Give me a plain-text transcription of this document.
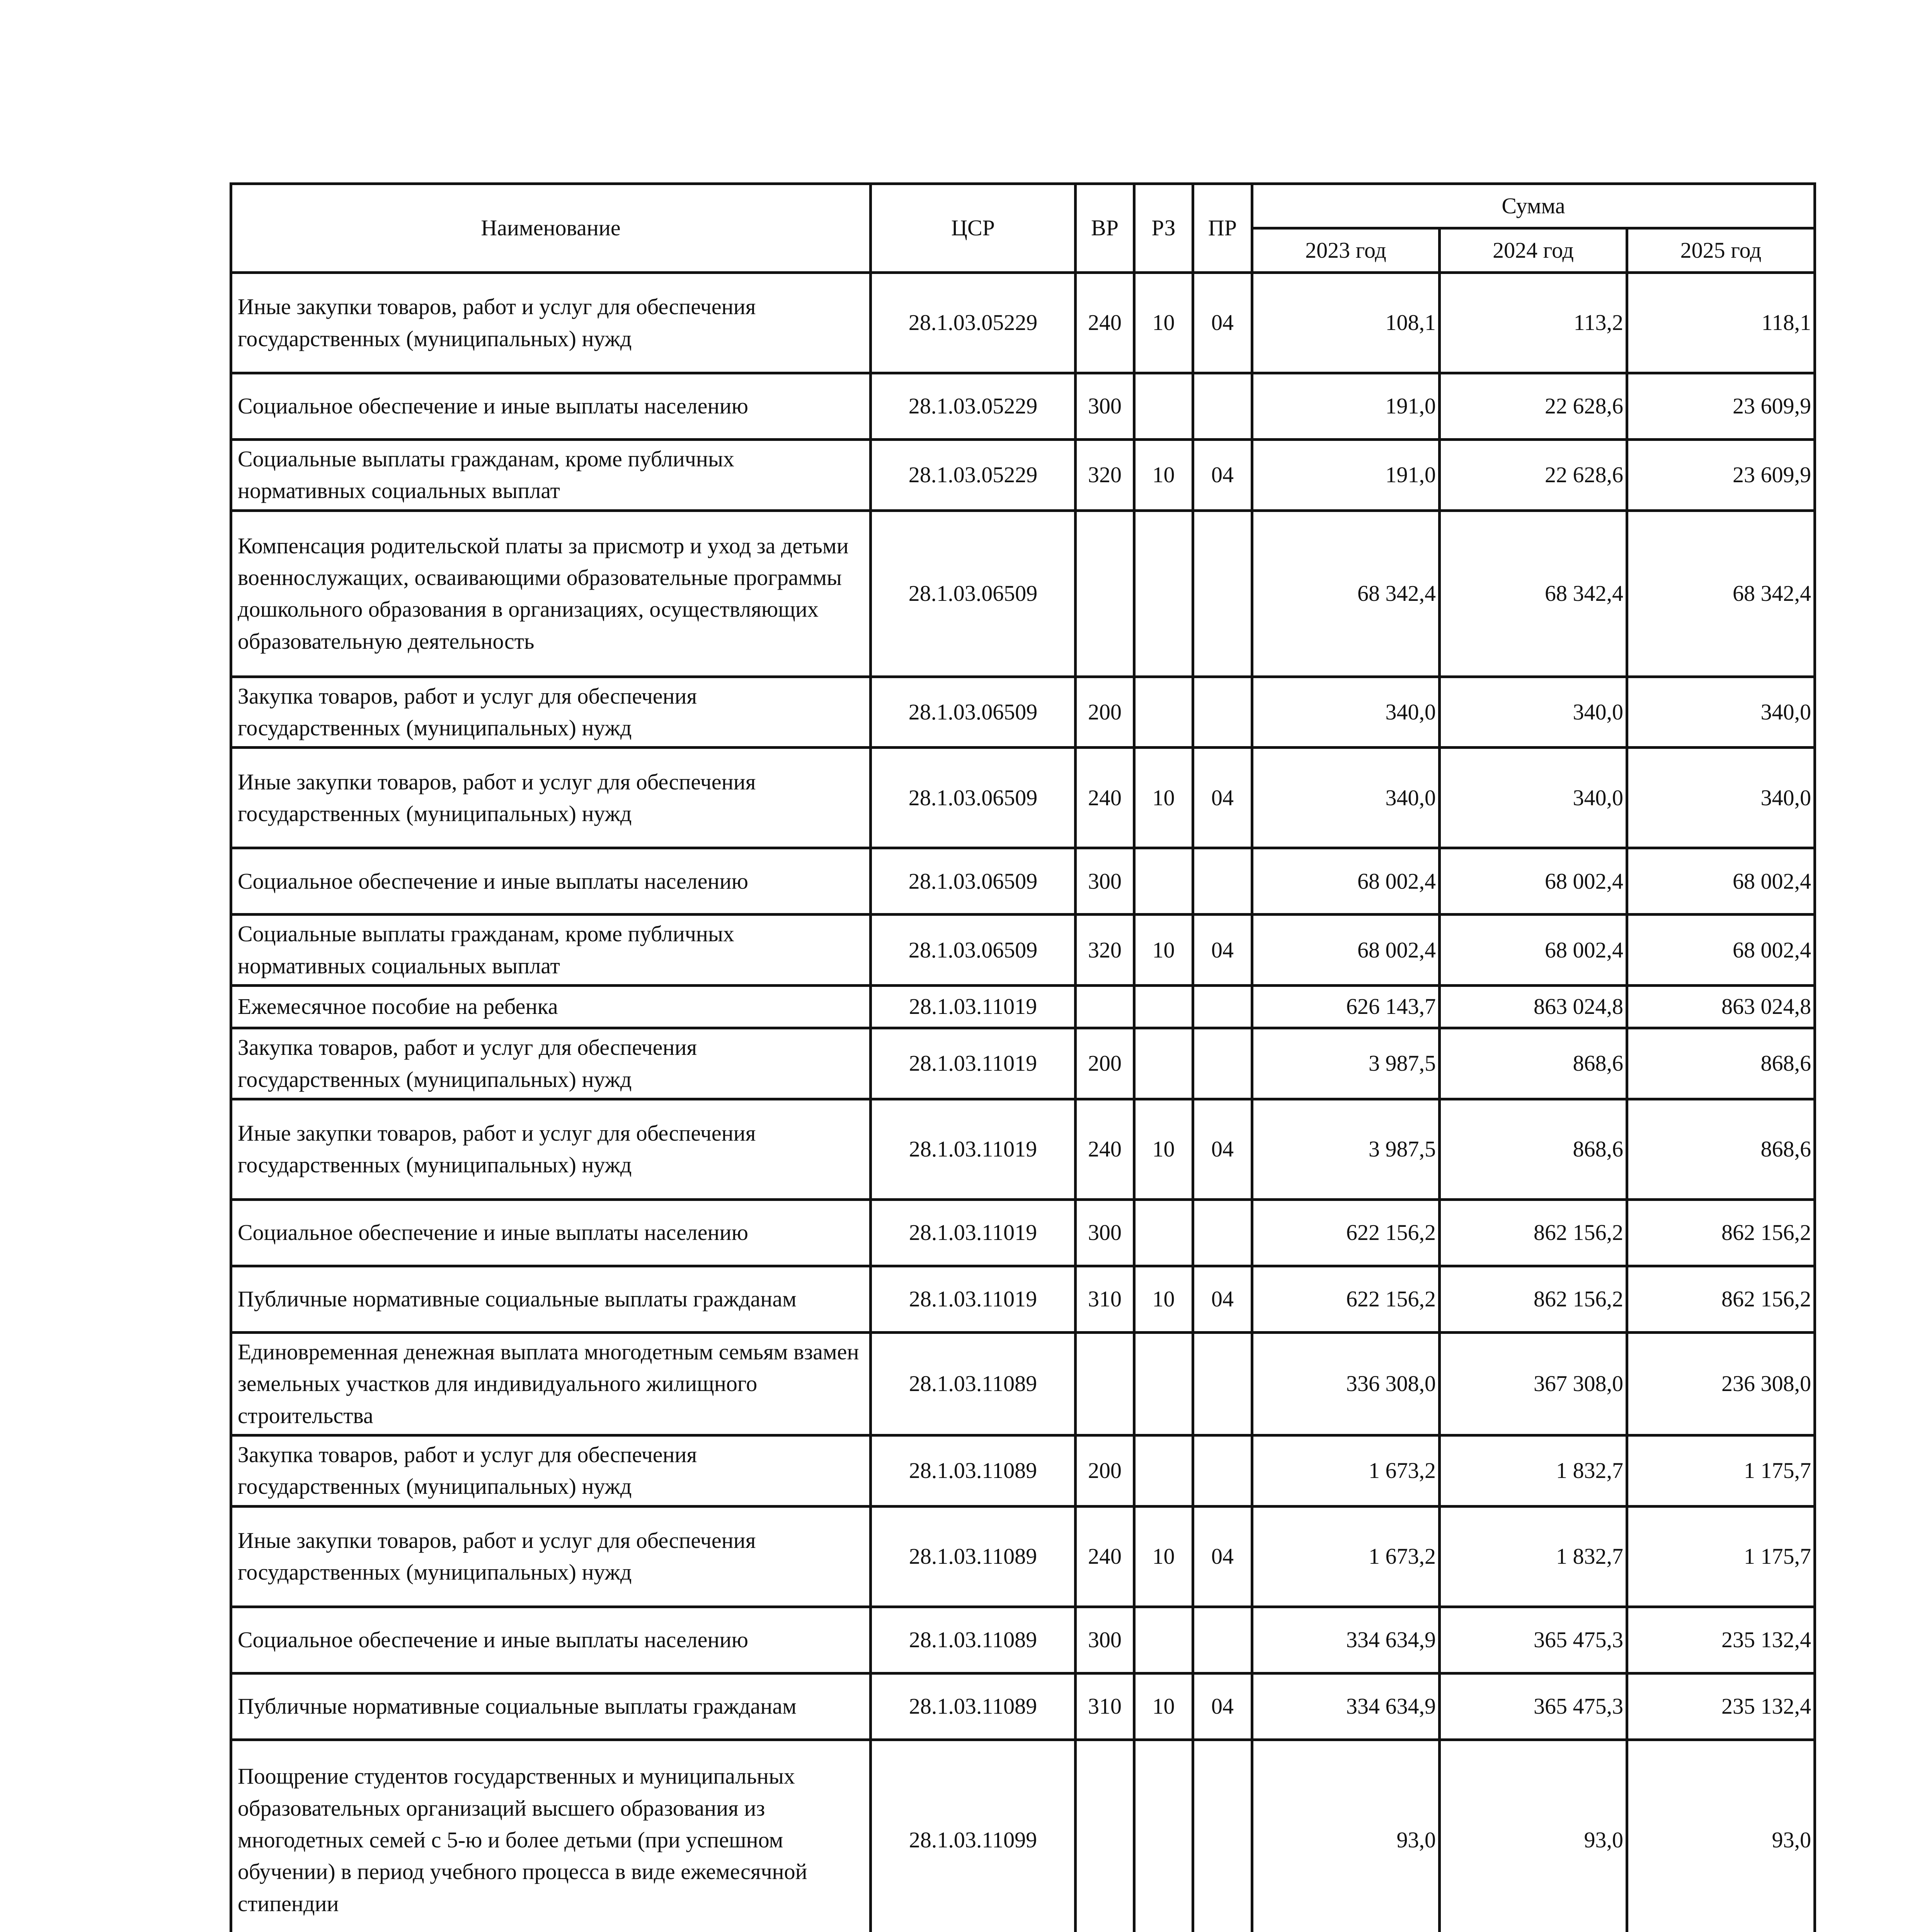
Наименование	ЦСР	ВР	РЗ	ПР	Сумма		
					2023 год	2024 год	2025 год
Иные закупки товаров, работ и услуг для обеспечения государственных (муниципальных) нужд	28.1.03.05229	240	10	04	108,1	113,2	118,1
Социальное обеспечение и иные выплаты населению	28.1.03.05229	300			191,0	22 628,6	23 609,9
Социальные выплаты гражданам, кроме публичных нормативных социальных выплат	28.1.03.05229	320	10	04	191,0	22 628,6	23 609,9
Компенсация родительской платы за присмотр и уход за детьми военнослужащих, осваивающими образовательные программы дошкольного образования в организациях, осуществляющих образовательную деятельность	28.1.03.06509				68 342,4	68 342,4	68 342,4
Закупка товаров, работ и услуг для обеспечения государственных (муниципальных) нужд	28.1.03.06509	200			340,0	340,0	340,0
Иные закупки товаров, работ и услуг для обеспечения государственных (муниципальных) нужд	28.1.03.06509	240	10	04	340,0	340,0	340,0
Социальное обеспечение и иные выплаты населению	28.1.03.06509	300			68 002,4	68 002,4	68 002,4
Социальные выплаты гражданам, кроме публичных нормативных социальных выплат	28.1.03.06509	320	10	04	68 002,4	68 002,4	68 002,4
Ежемесячное пособие на ребенка	28.1.03.11019				626 143,7	863 024,8	863 024,8
Закупка товаров, работ и услуг для обеспечения государственных (муниципальных) нужд	28.1.03.11019	200			3 987,5	868,6	868,6
Иные закупки товаров, работ и услуг для обеспечения государственных (муниципальных) нужд	28.1.03.11019	240	10	04	3 987,5	868,6	868,6
Социальное обеспечение и иные выплаты населению	28.1.03.11019	300			622 156,2	862 156,2	862 156,2
Публичные нормативные социальные выплаты гражданам	28.1.03.11019	310	10	04	622 156,2	862 156,2	862 156,2
Единовременная денежная выплата многодетным семьям взамен земельных участков для индивидуального жилищного строительства	28.1.03.11089				336 308,0	367 308,0	236 308,0
Закупка товаров, работ и услуг для обеспечения государственных (муниципальных) нужд	28.1.03.11089	200			1 673,2	1 832,7	1 175,7
Иные закупки товаров, работ и услуг для обеспечения государственных (муниципальных) нужд	28.1.03.11089	240	10	04	1 673,2	1 832,7	1 175,7
Социальное обеспечение и иные выплаты населению	28.1.03.11089	300			334 634,9	365 475,3	235 132,4
Публичные нормативные социальные выплаты гражданам	28.1.03.11089	310	10	04	334 634,9	365 475,3	235 132,4
Поощрение студентов государственных и муниципальных образовательных организаций высшего образования из многодетных семей с 5-ю и более детьми (при успешном обучении) в период учебного процесса в виде ежемесячной стипендии	28.1.03.11099				93,0	93,0	93,0
